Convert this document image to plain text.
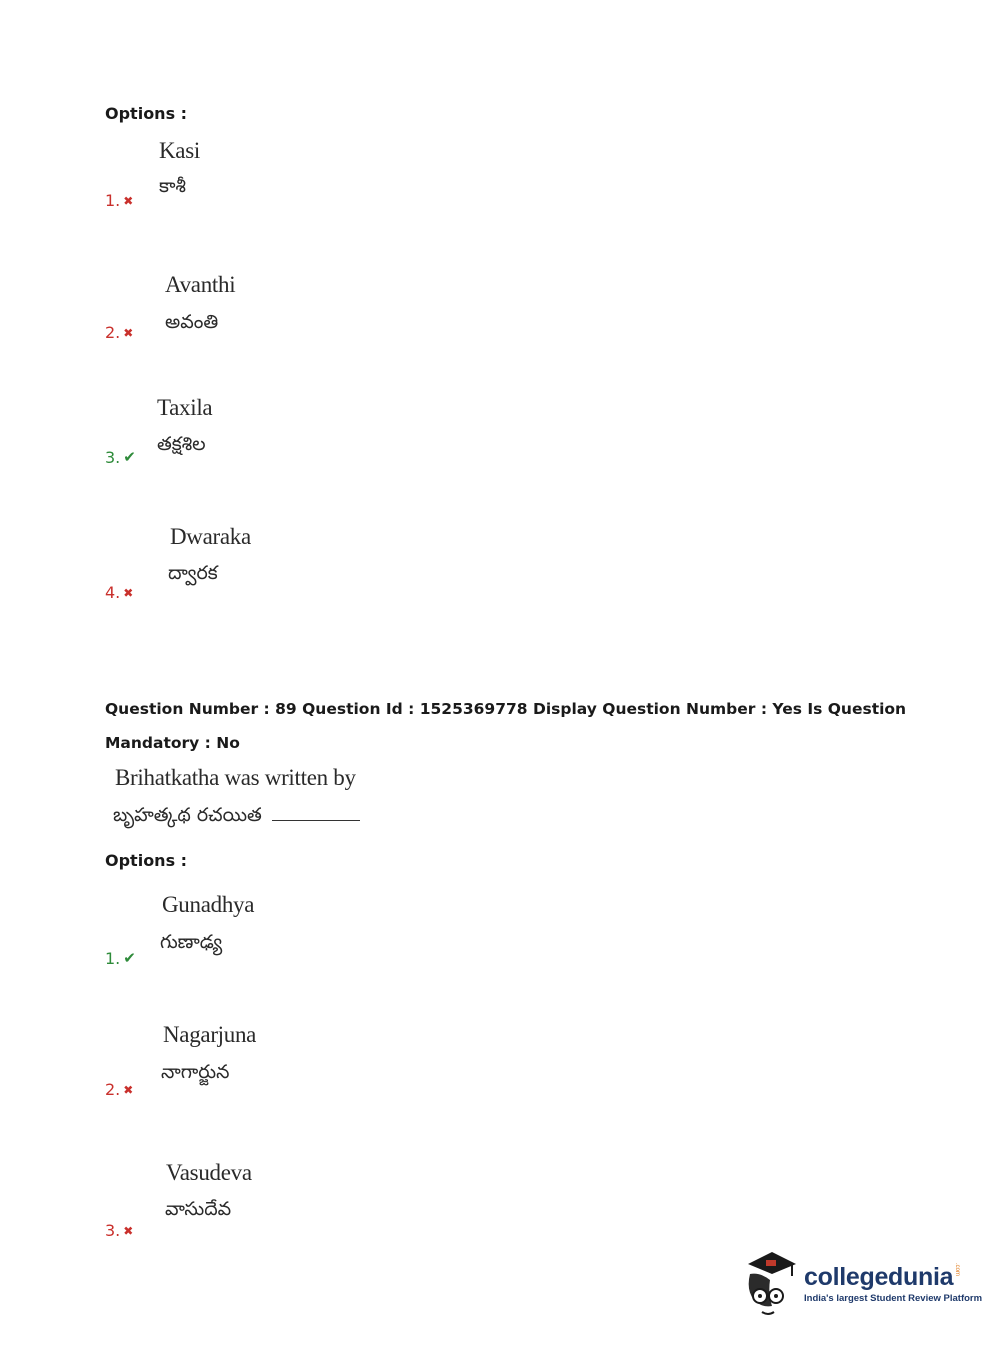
Options :
Kasi
కాశీ
1. ✖
Avanthi
అవంతి
2. ✖
Taxila
తక్షశిల
3. ✔
Dwaraka
ద్వారక
4. ✖
Question Number : 89 Question Id : 1525369778 Display Question Number : Yes Is Question
Mandatory : No
Brihatkatha was written by
బృహత్కథ రచయిత
Options :
Gunadhya
గుణాఢ్య
1. ✔
Nagarjuna
నాగార్జున
2. ✖
Vasudeva
వాసుదేవ
3. ✖
collegedunia .com
India's largest Student Review Platform
